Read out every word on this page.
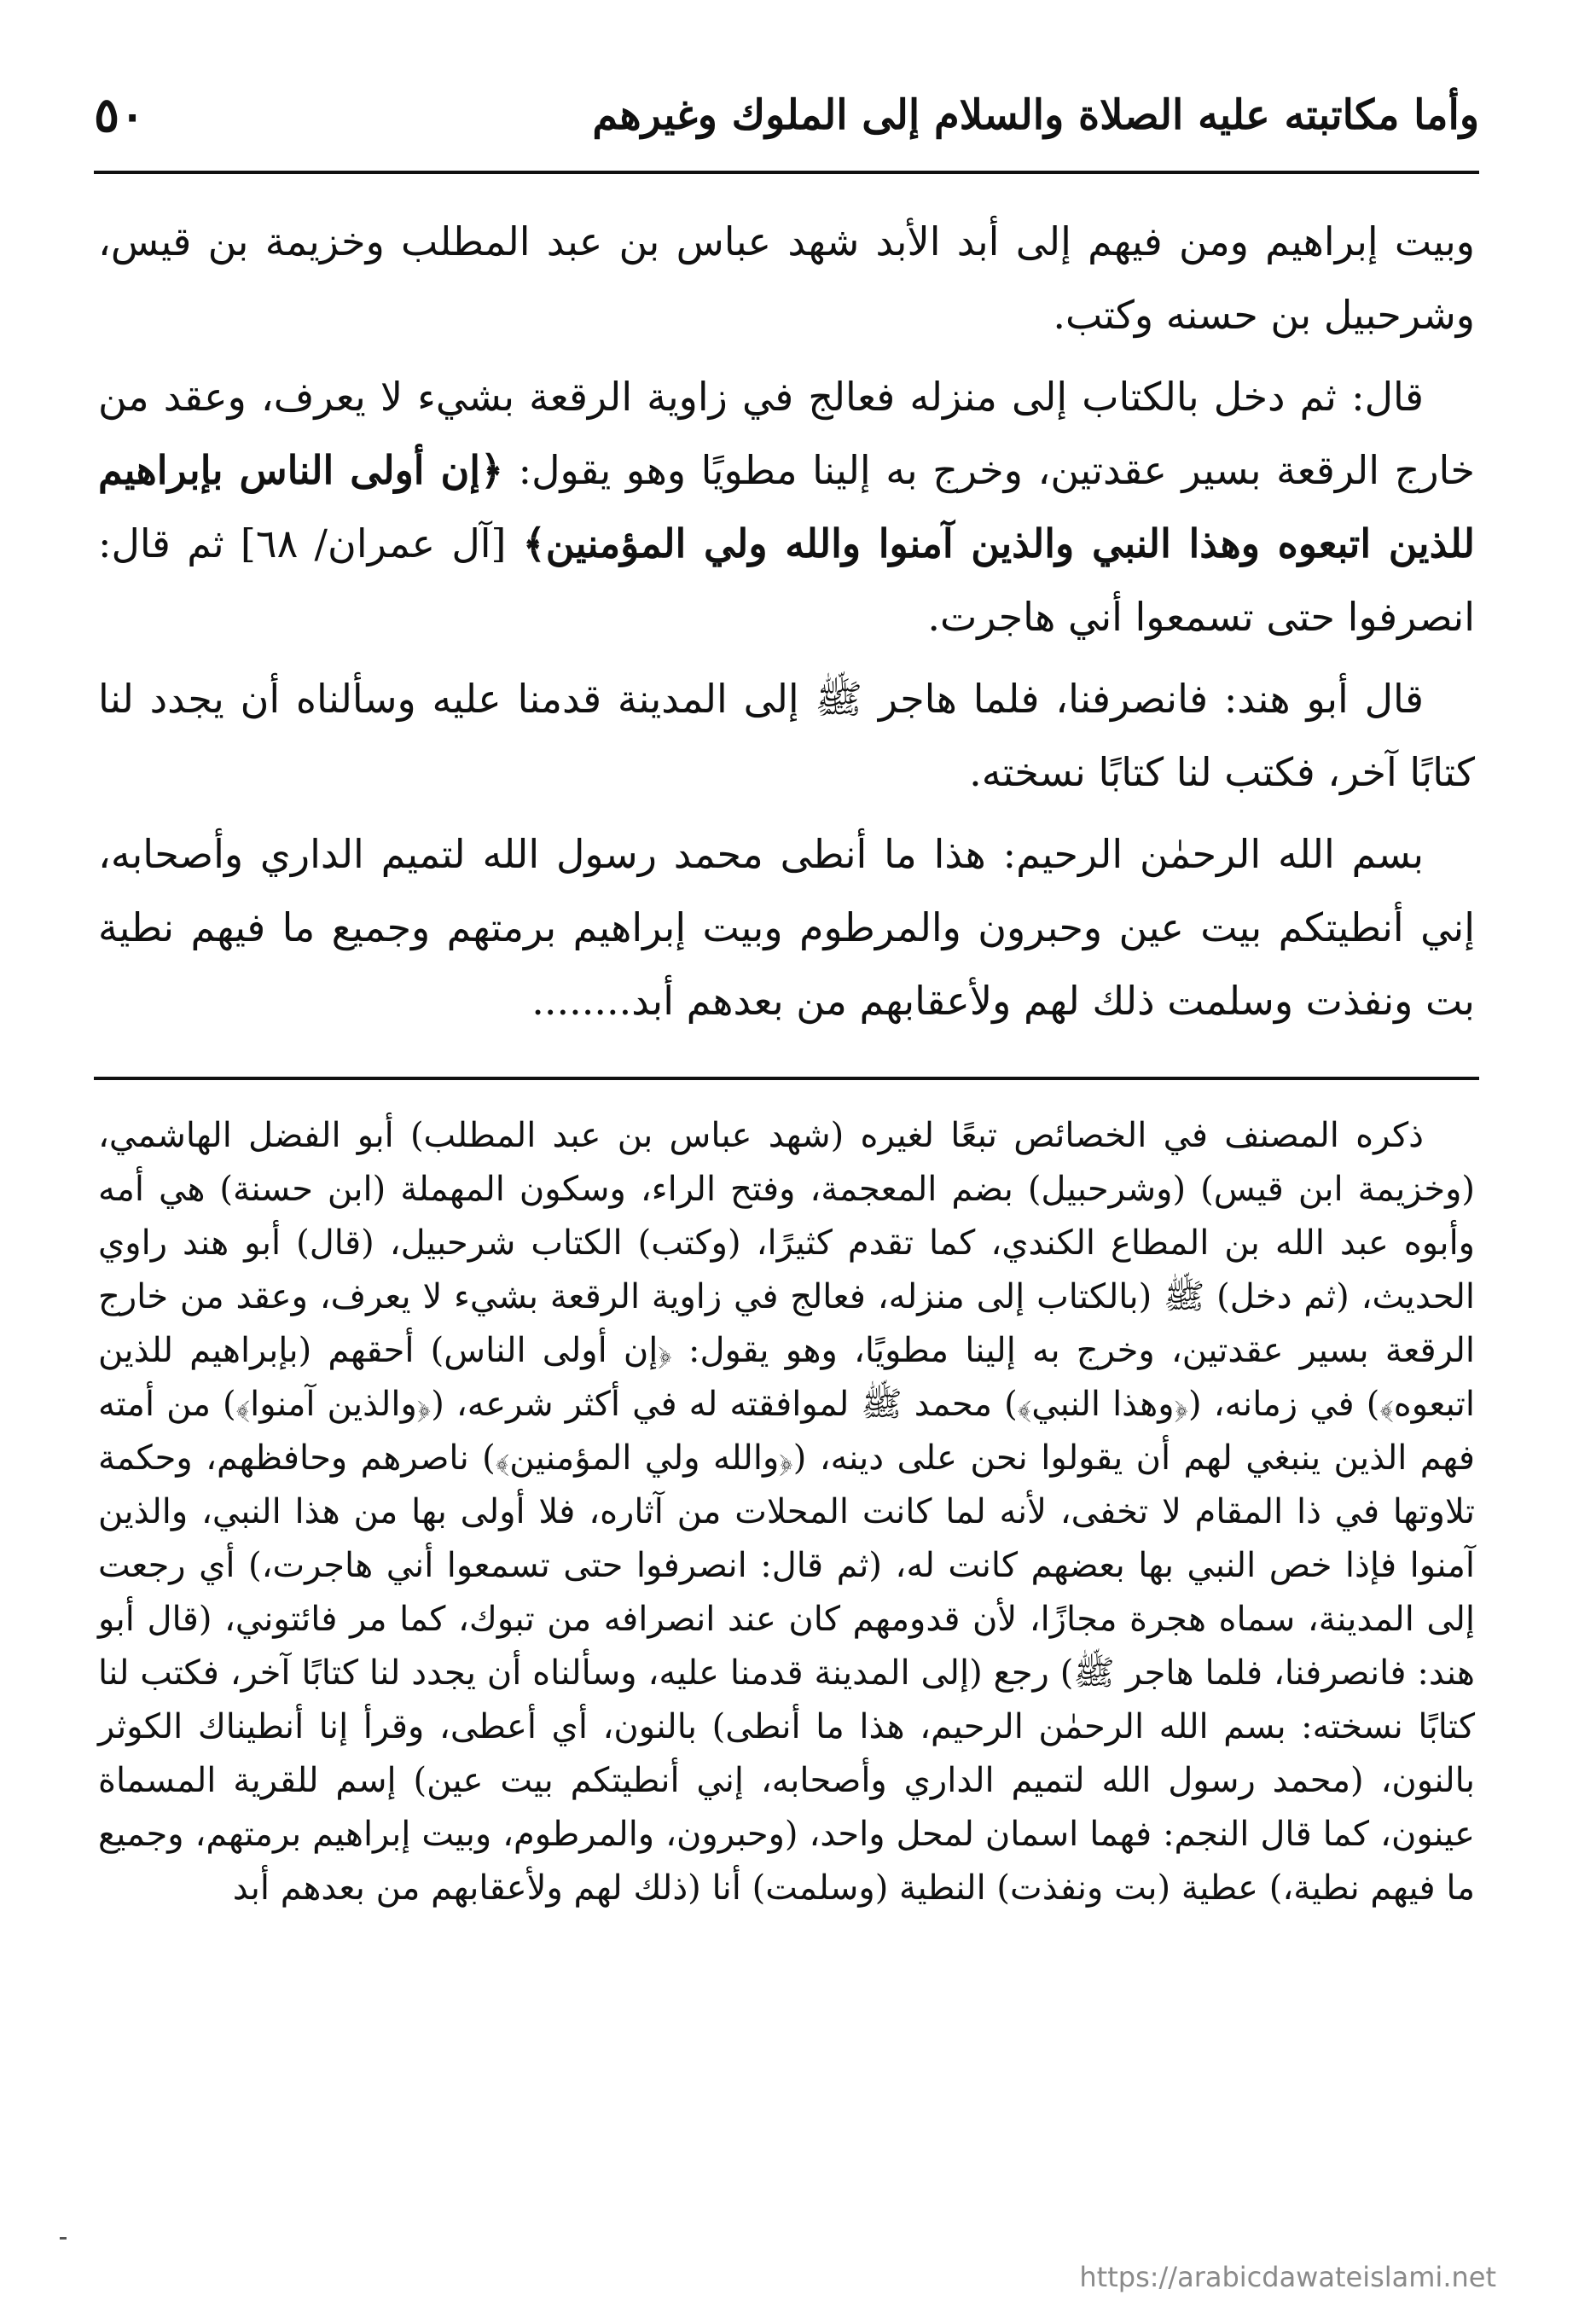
وأما مكاتبته عليه الصلاة والسلام إلى الملوك وغيرهم
٥٠

وبيت إبراهيم ومن فيهم إلى أبد الأبد شهد عباس بن عبد المطلب وخزيمة بن قيس، وشرحبيل بن حسنه وكتب.

قال: ثم دخل بالكتاب إلى منزله فعالج في زاوية الرقعة بشيء لا يعرف، وعقد من خارج الرقعة بسير عقدتين، وخرج به إلينا مطويًا وهو يقول: ﴿إن أولى الناس بإبراهيم للذين اتبعوه وهذا النبي والذين آمنوا والله ولي المؤمنين﴾ [آل عمران/ ٦٨] ثم قال: انصرفوا حتى تسمعوا أني هاجرت.

قال أبو هند: فانصرفنا، فلما هاجر ﷺ إلى المدينة قدمنا عليه وسألناه أن يجدد لنا كتابًا آخر، فكتب لنا كتابًا نسخته.

بسم الله الرحمٰن الرحيم: هذا ما أنطى محمد رسول الله لتميم الداري وأصحابه، إني أنطيتكم بيت عين وحبرون والمرطوم وبيت إبراهيم برمتهم وجميع ما فيهم نطية بت ونفذت وسلمت ذلك لهم ولأعقابهم من بعدهم أبد........

ذكره المصنف في الخصائص تبعًا لغيره (شهد عباس بن عبد المطلب) أبو الفضل الهاشمي، (وخزيمة ابن قيس) (وشرحبيل) بضم المعجمة، وفتح الراء، وسكون المهملة (ابن حسنة) هي أمه وأبوه عبد الله بن المطاع الكندي، كما تقدم كثيرًا، (وكتب) الكتاب شرحبيل، (قال) أبو هند راوي الحديث، (ثم دخل) ﷺ (بالكتاب إلى منزله، فعالج في زاوية الرقعة بشيء لا يعرف، وعقد من خارج الرقعة بسير عقدتين، وخرج به إلينا مطويًا، وهو يقول: ﴿إن أولى الناس) أحقهم (بإبراهيم للذين اتبعوه﴾) في زمانه، (﴿وهذا النبي﴾) محمد ﷺ لموافقته له في أكثر شرعه، (﴿والذين آمنوا﴾) من أمته فهم الذين ينبغي لهم أن يقولوا نحن على دينه، (﴿والله ولي المؤمنين﴾) ناصرهم وحافظهم، وحكمة تلاوتها في ذا المقام لا تخفى، لأنه لما كانت المحلات من آثاره، فلا أولى بها من هذا النبي، والذين آمنوا فإذا خص النبي بها بعضهم كانت له، (ثم قال: انصرفوا حتى تسمعوا أني هاجرت،) أي رجعت إلى المدينة، سماه هجرة مجازًا، لأن قدومهم كان عند انصرافه من تبوك، كما مر فائتوني، (قال أبو هند: فانصرفنا، فلما هاجر ﷺ) رجع (إلى المدينة قدمنا عليه، وسألناه أن يجدد لنا كتابًا آخر، فكتب لنا كتابًا نسخته: بسم الله الرحمٰن الرحيم، هذا ما أنطى) بالنون، أي أعطى، وقرأ إنا أنطيناك الكوثر بالنون، (محمد رسول الله لتميم الداري وأصحابه، إني أنطيتكم بيت عين) إسم للقرية المسماة عينون، كما قال النجم: فهما اسمان لمحل واحد، (وحبرون، والمرطوم، وبيت إبراهيم برمتهم، وجميع ما فيهم نطية،) عطية (بت ونفذت) النطية (وسلمت) أنا (ذلك لهم ولأعقابهم من بعدهم أبد

https://arabicdawateislami.net
